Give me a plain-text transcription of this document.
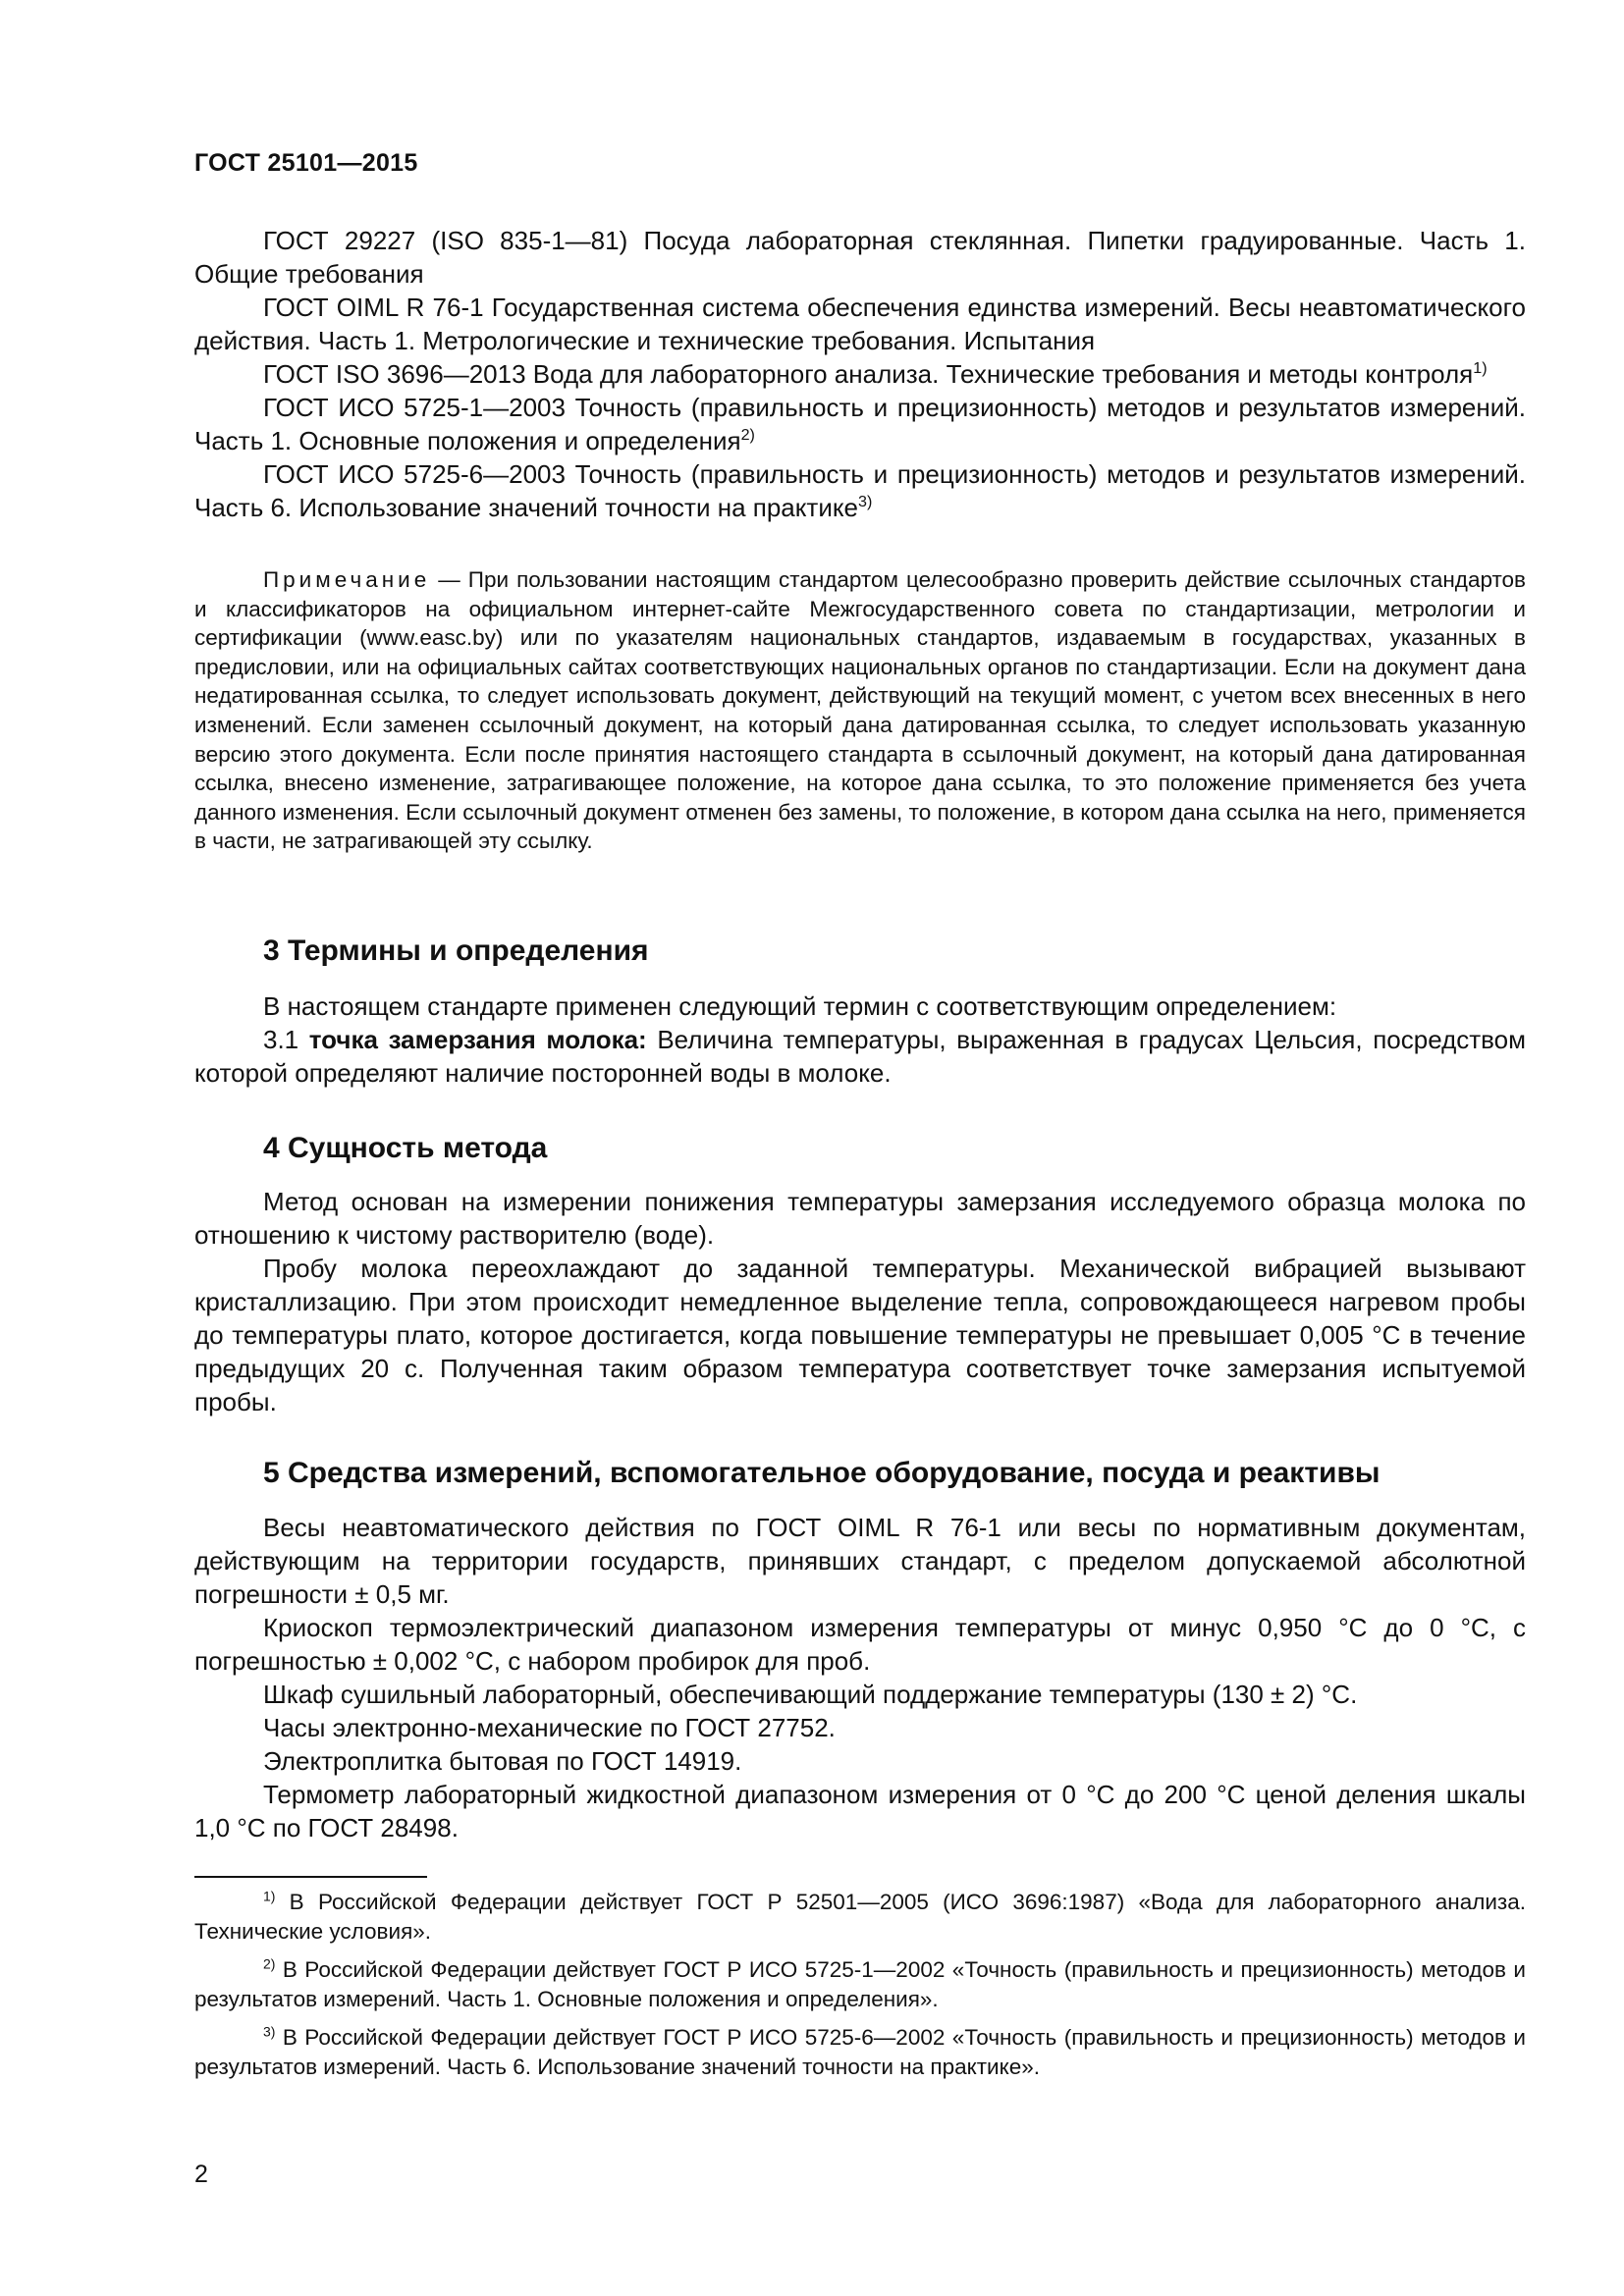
ГОСТ 25101—2015

ГОСТ 29227 (ISO 835-1—81) Посуда лабораторная стеклянная. Пипетки градуированные. Часть 1. Общие требования

ГОСТ OIML R 76-1 Государственная система обеспечения единства измерений. Весы неавтоматического действия. Часть 1. Метрологические и технические требования. Испытания

ГОСТ ISO 3696—2013 Вода для лабораторного анализа. Технические требования и методы контроля$^{1)}$

ГОСТ ИСО 5725-1—2003 Точность (правильность и прецизионность) методов и результатов измерений. Часть 1. Основные положения и определения$^{2)}$

ГОСТ ИСО 5725-6—2003 Точность (правильность и прецизионность) методов и результатов измерений. Часть 6. Использование значений точности на практике$^{3)}$

Примечание — При пользовании настоящим стандартом целесообразно проверить действие ссылочных стандартов и классификаторов на официальном интернет-сайте Межгосударственного совета по стандартизации, метрологии и сертификации (www.easc.by) или по указателям национальных стандартов, издаваемым в государствах, указанных в предисловии, или на официальных сайтах соответствующих национальных органов по стандартизации. Если на документ дана недатированная ссылка, то следует использовать документ, действующий на текущий момент, с учетом всех внесенных в него изменений. Если заменен ссылочный документ, на который дана датированная ссылка, то следует использовать указанную версию этого документа. Если после принятия настоящего стандарта в ссылочный документ, на который дана датированная ссылка, внесено изменение, затрагивающее положение, на которое дана ссылка, то это положение применяется без учета данного изменения. Если ссылочный документ отменен без замены, то положение, в котором дана ссылка на него, применяется в части, не затрагивающей эту ссылку.

3 Термины и определения

В настоящем стандарте применен следующий термин с соответствующим определением:

3.1 точка замерзания молока: Величина температуры, выраженная в градусах Цельсия, посредством которой определяют наличие посторонней воды в молоке.

4 Сущность метода

Метод основан на измерении понижения температуры замерзания исследуемого образца молока по отношению к чистому растворителю (воде).

Пробу молока переохлаждают до заданной температуры. Механической вибрацией вызывают кристаллизацию. При этом происходит немедленное выделение тепла, сопровождающееся нагревом пробы до температуры плато, которое достигается, когда повышение температуры не превышает 0,005 °С в течение предыдущих 20 с. Полученная таким образом температура соответствует точке замерзания испытуемой пробы.

5 Средства измерений, вспомогательное оборудование, посуда и реактивы

Весы неавтоматического действия по ГОСТ OIML R 76-1 или весы по нормативным документам, действующим на территории государств, принявших стандарт, с пределом допускаемой абсолютной погрешности ± 0,5 мг.

Криоскоп термоэлектрический диапазоном измерения температуры от минус 0,950 °С до 0 °С, с погрешностью ± 0,002 °С, с набором пробирок для проб.

Шкаф сушильный лабораторный, обеспечивающий поддержание температуры (130 ± 2) °С.

Часы электронно-механические по ГОСТ 27752.

Электроплитка бытовая по ГОСТ 14919.

Термометр лабораторный жидкостной диапазоном измерения от 0 °С до 200 °С ценой деления шкалы 1,0 °С по ГОСТ 28498.

$^{1)}$ В Российской Федерации действует ГОСТ Р 52501—2005 (ИСО 3696:1987) «Вода для лабораторного анализа. Технические условия».

$^{2)}$ В Российской Федерации действует ГОСТ Р ИСО 5725-1—2002 «Точность (правильность и прецизионность) методов и результатов измерений. Часть 1. Основные положения и определения».

$^{3)}$ В Российской Федерации действует ГОСТ Р ИСО 5725-6—2002 «Точность (правильность и прецизионность) методов и результатов измерений. Часть 6. Использование значений точности на практике».

2
